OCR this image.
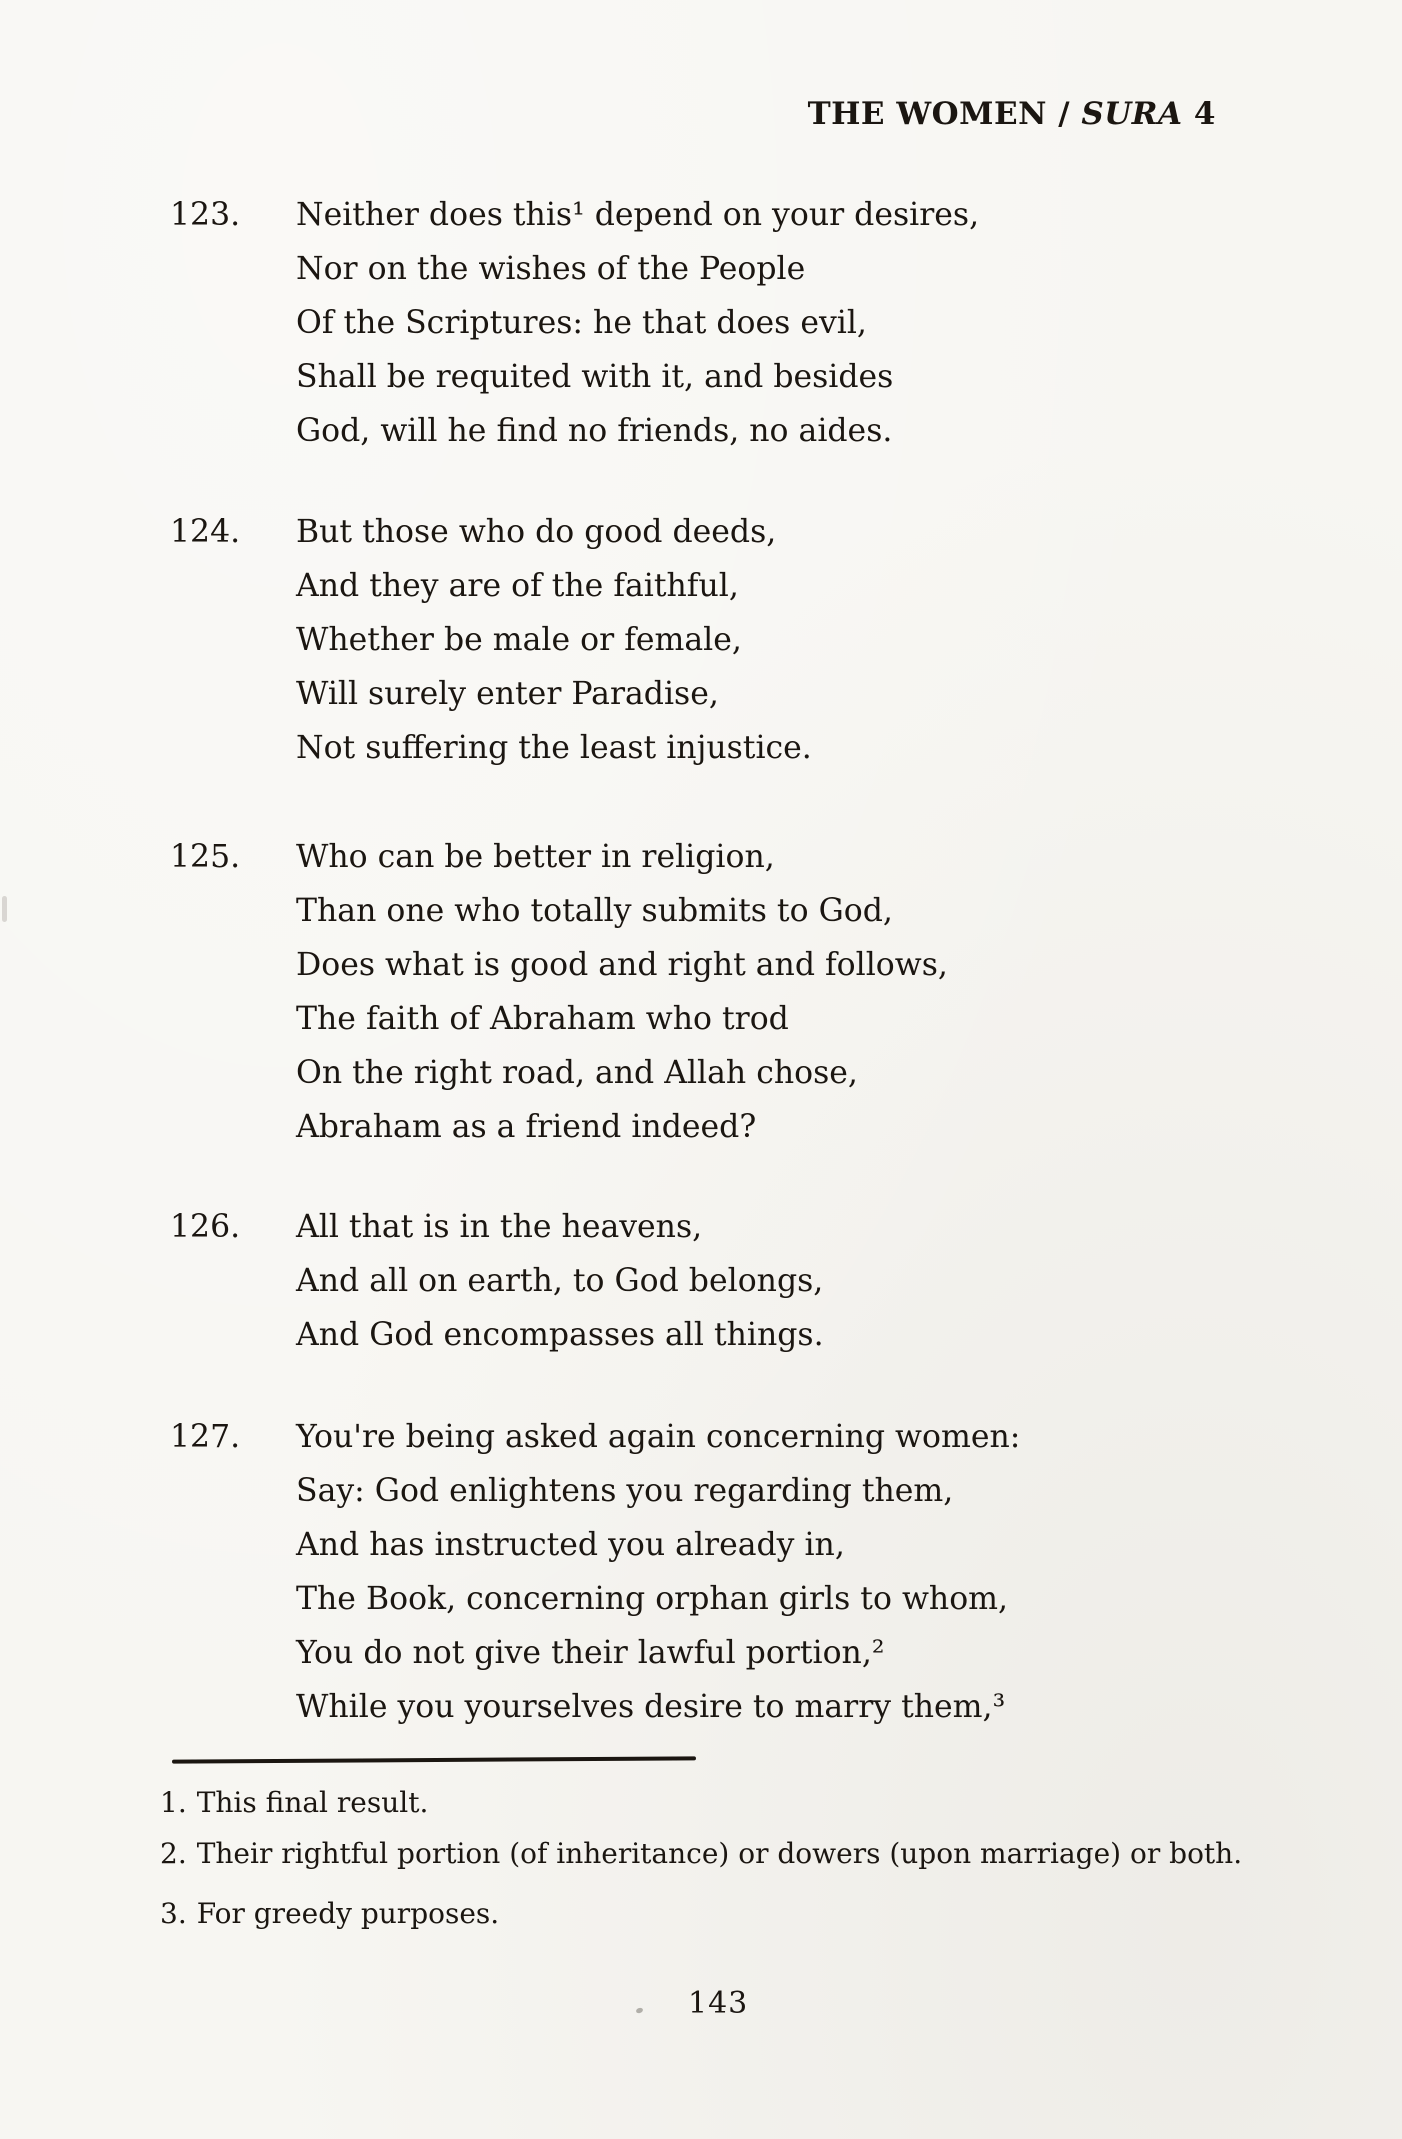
THE WOMEN / SURA 4
123. Neither does this¹ depend on your desires,
Nor on the wishes of the People
Of the Scriptures: he that does evil,
Shall be requited with it, and besides
God, will he find no friends, no aides.
124. But those who do good deeds,
And they are of the faithful,
Whether be male or female,
Will surely enter Paradise,
Not suffering the least injustice.
125. Who can be better in religion,
Than one who totally submits to God,
Does what is good and right and follows,
The faith of Abraham who trod
On the right road, and Allah chose,
Abraham as a friend indeed?
126. All that is in the heavens,
And all on earth, to God belongs,
And God encompasses all things.
127. You're being asked again concerning women:
Say: God enlightens you regarding them,
And has instructed you already in,
The Book, concerning orphan girls to whom,
You do not give their lawful portion,²
While you yourselves desire to marry them,³
1. This final result.
2. Their rightful portion (of inheritance) or dowers (upon marriage) or both.
3. For greedy purposes.
143
